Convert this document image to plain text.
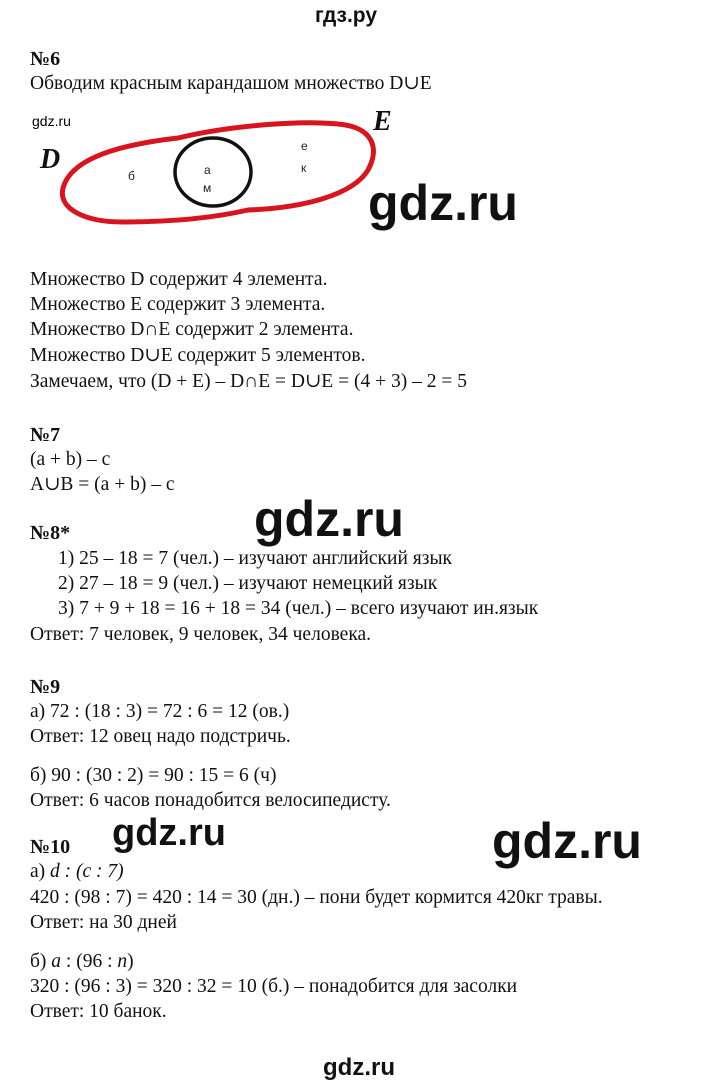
гдз.ру
№6
Обводим красным карандашом множество D∪E
gdz.ru
D
E
б	а
м
е
к
gdz.ru
Множество D содержит 4 элемента.
Множество E содержит 3 элемента.
Множество D∩E содержит 2 элемента.
Множество D∪E содержит 5 элементов.
Замечаем, что (D + E) – D∩E = D∪E = (4 + 3) – 2 = 5
№7
(a + b) – c
A∪B = (a + b) – c
gdz.ru
№8*
1) 25 – 18 = 7 (чел.) – изучают английский язык
2) 27 – 18 = 9 (чел.) – изучают немецкий язык
3) 7 + 9 + 18 = 16 + 18 = 34 (чел.) – всего изучают ин.язык
Ответ: 7 человек, 9 человек, 34 человека.
№9
а) 72 : (18 : 3) = 72 : 6 = 12 (ов.)
Ответ: 12 овец надо подстричь.
б) 90 : (30 : 2) = 90 : 15 = 6 (ч)
Ответ: 6 часов понадобится велосипедисту.
gdz.ru	gdz.ru
№10
а) d : (c : 7)
420 : (98 : 7) = 420 : 14 = 30 (дн.) – пони будет кормится 420кг травы.
Ответ: на 30 дней
б) a : (96 : n)
320 : (96 : 3) = 320 : 32 = 10 (б.) – понадобится для засолки
Ответ: 10 банок.
gdz.ru
